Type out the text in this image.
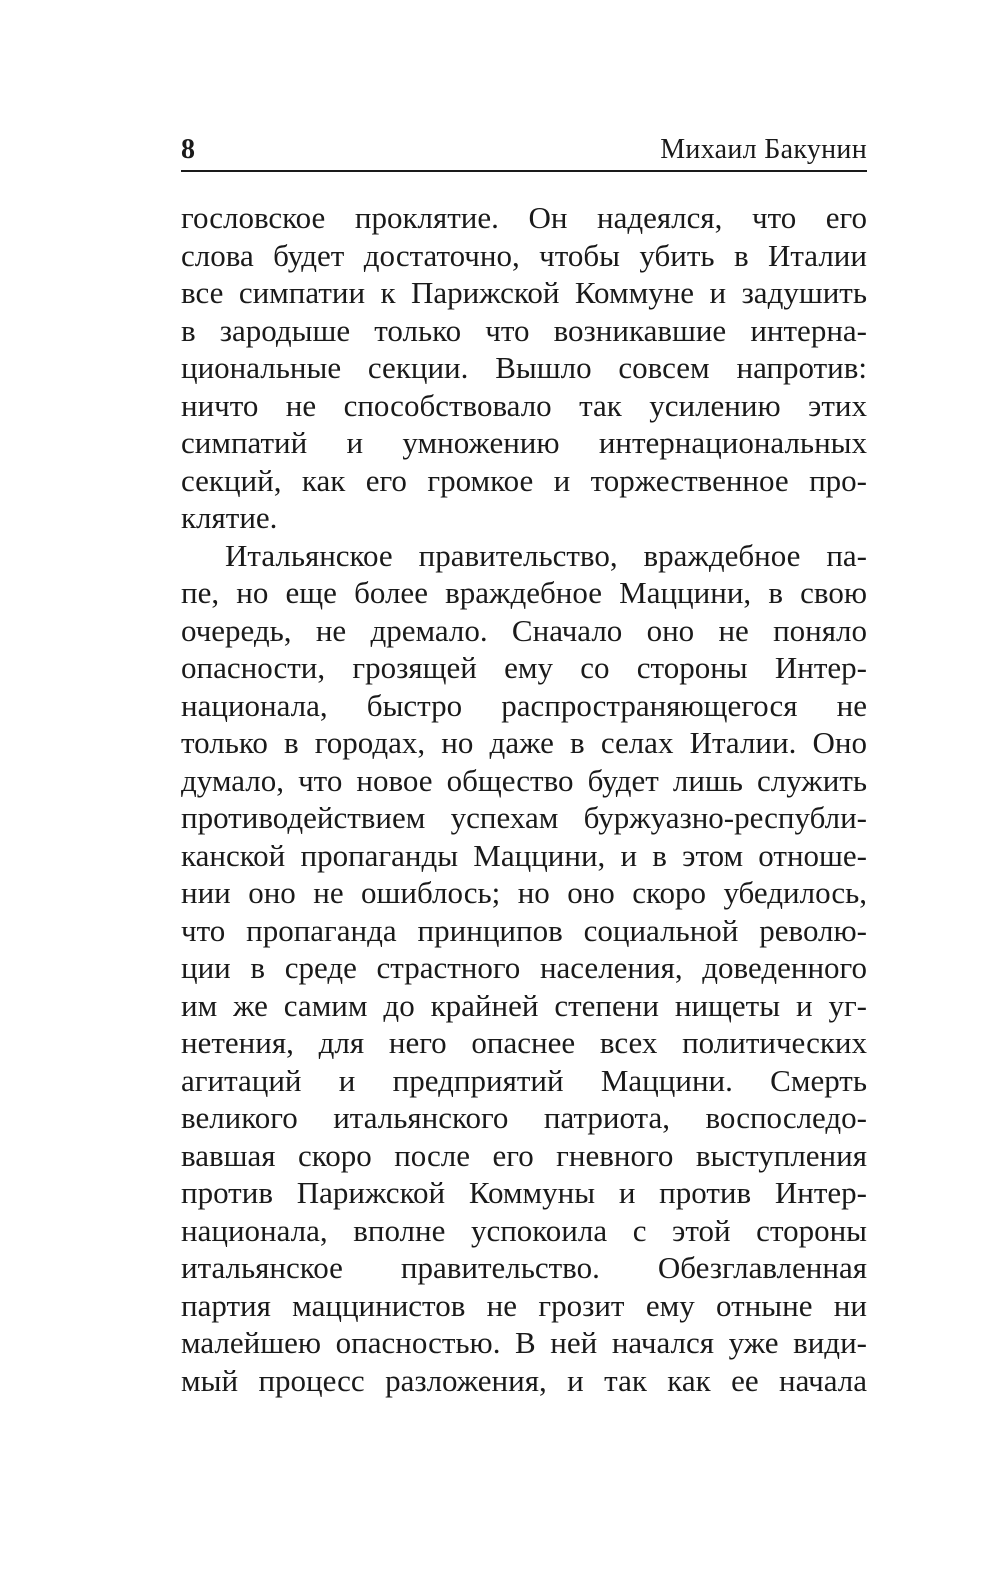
8	Михаил Бакунин
гословское проклятие. Он надеялся, что его
слова будет достаточно, чтобы убить в Италии
все симпатии к Парижской Коммуне и задушить
в зародыше только что возникавшие интерна-
циональные секции. Вышло совсем напротив:
ничто не способствовало так усилению этих
симпатий и умножению интернациональных
секций, как его громкое и торжественное про-
клятие.
Итальянское правительство, враждебное па-
пе, но еще более враждебное Маццини, в свою
очередь, не дремало. Сначало оно не поняло
опасности, грозящей ему со стороны Интер-
национала, быстро распространяющегося не
только в городах, но даже в селах Италии. Оно
думало, что новое общество будет лишь служить
противодействием успехам буржуазно-республи-
канской пропаганды Маццини, и в этом отноше-
нии оно не ошиблось; но оно скоро убедилось,
что пропаганда принципов социальной револю-
ции в среде страстного населения, доведенного
им же самим до крайней степени нищеты и уг-
нетения, для него опаснее всех политических
агитаций и предприятий Маццини. Смерть
великого итальянского патриота, воспоследо-
вавшая скоро после его гневного выступления
против Парижской Коммуны и против Интер-
национала, вполне успокоила с этой стороны
итальянское правительство. Обезглавленная
партия маццинистов не грозит ему отныне ни
малейшею опасностью. В ней начался уже види-
мый процесс разложения, и так как ее начала
